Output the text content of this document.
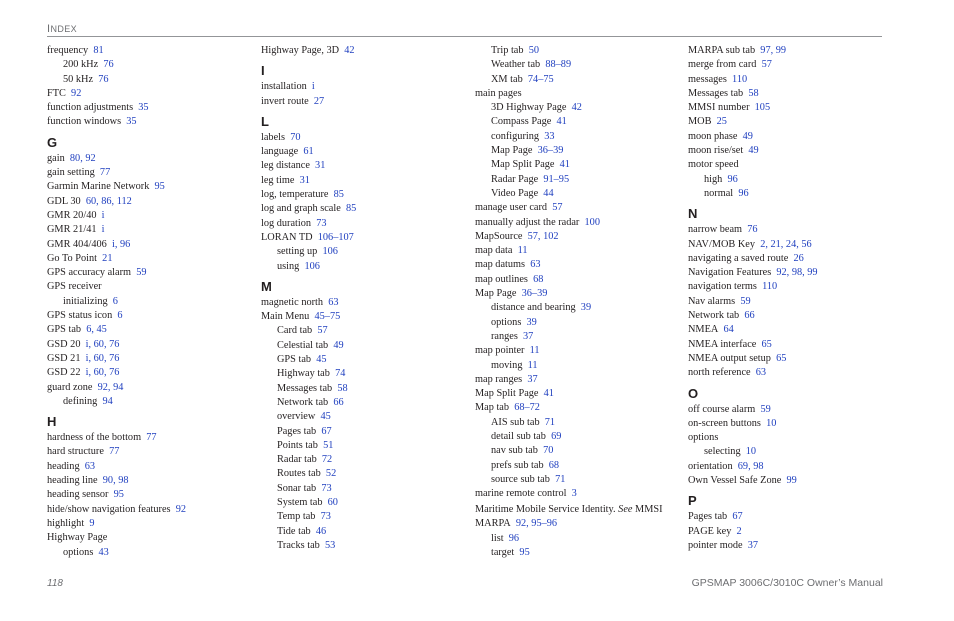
INDEX
frequency  81
200 kHz  76
50 kHz  76
FTC  92
function adjustments  35
function windows  35
G
gain  80, 92
gain setting  77
Garmin Marine Network  95
GDL 30  60, 86, 112
GMR 20/40  i
GMR 21/41  i
GMR 404/406  i, 96
Go To Point  21
GPS accuracy alarm  59
GPS receiver
initializing  6
GPS status icon  6
GPS tab  6, 45
GSD 20  i, 60, 76
GSD 21  i, 60, 76
GSD 22  i, 60, 76
guard zone  92, 94
defining  94
H
hardness of the bottom  77
hard structure  77
heading  63
heading line  90, 98
heading sensor  95
hide/show navigation features  92
highlight  9
Highway Page
options  43
Highway Page, 3D  42
I
installation  i
invert route  27
L
labels  70
language  61
leg distance  31
leg time  31
log, temperature  85
log and graph scale  85
log duration  73
LORAN TD  106–107
setting up  106
using  106
M
magnetic north  63
Main Menu  45–75
Card tab  57
Celestial tab  49
GPS tab  45
Highway tab  74
Messages tab  58
Network tab  66
overview  45
Pages tab  67
Points tab  51
Radar tab  72
Routes tab  52
Sonar tab  73
System tab  60
Temp tab  73
Tide tab  46
Tracks tab  53
Trip tab  50
Weather tab  88–89
XM tab  74–75
main pages
3D Highway Page  42
Compass Page  41
configuring  33
Map Page  36–39
Map Split Page  41
Radar Page  91–95
Video Page  44
manage user card  57
manually adjust the radar  100
MapSource  57, 102
map data  11
map datums  63
map outlines  68
Map Page  36–39
distance and bearing  39
options  39
ranges  37
map pointer  11
moving  11
map ranges  37
Map Split Page  41
Map tab  68–72
AIS sub tab  71
detail sub tab  69
nav sub tab  70
prefs sub tab  68
source sub tab  71
marine remote control  3
Maritime Mobile Service Identity. See MMSI
MARPA  92, 95–96
list  96
target  95
MARPA sub tab  97, 99
merge from card  57
messages  110
Messages tab  58
MMSI number  105
MOB  25
moon phase  49
moon rise/set  49
motor speed
high  96
normal  96
N
narrow beam  76
NAV/MOB Key  2, 21, 24, 56
navigating a saved route  26
Navigation Features  92, 98, 99
navigation terms  110
Nav alarms  59
Network tab  66
NMEA  64
NMEA interface  65
NMEA output setup  65
north reference  63
O
off course alarm  59
on-screen buttons  10
options
selecting  10
orientation  69, 98
Own Vessel Safe Zone  99
P
Pages tab  67
PAGE key  2
pointer mode  37
118	GPSMAP 3006C/3010C Owner’s Manual
